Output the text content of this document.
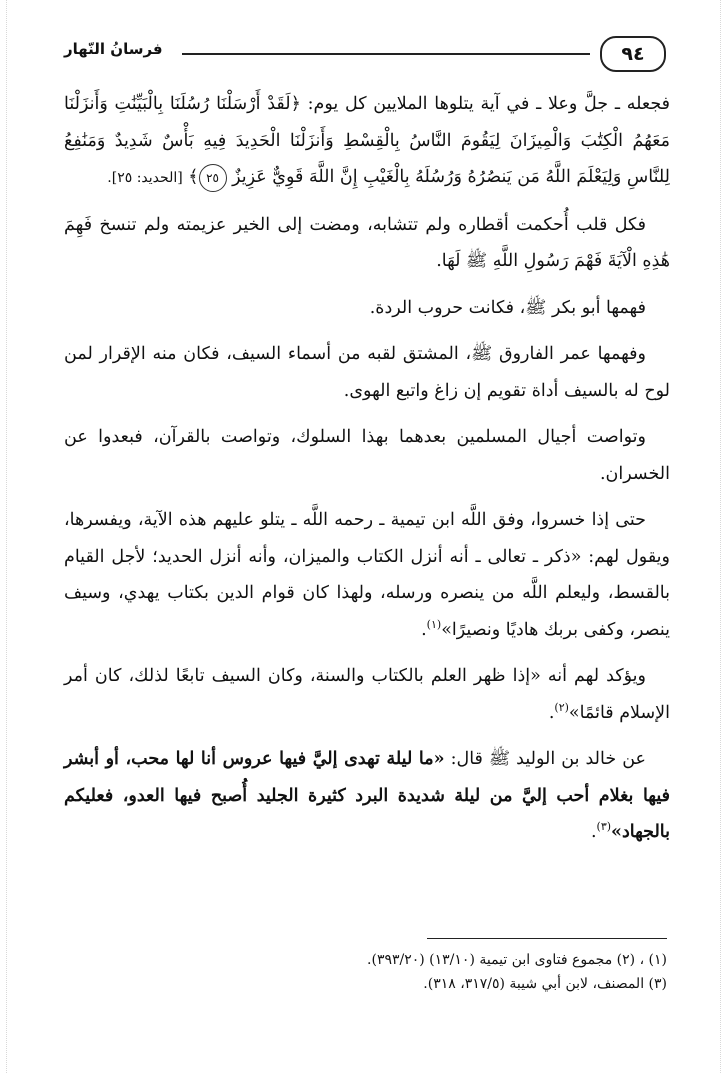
٩٤
فرسانُ النّهار

فجعله ـ جلَّ وعلا ـ في آية يتلوها الملايين كل يوم: ﴿لَقَدْ أَرْسَلْنَا رُسُلَنَا بِالْبَيِّنَٰتِ وَأَنزَلْنَا مَعَهُمُ الْكِتَٰبَ وَالْمِيزَانَ لِيَقُومَ النَّاسُ بِالْقِسْطِ وَأَنزَلْنَا الْحَدِيدَ فِيهِ بَأْسٌ شَدِيدٌ وَمَنَٰفِعُ لِلنَّاسِ وَلِيَعْلَمَ اللَّهُ مَن يَنصُرُهُ وَرُسُلَهُ بِالْغَيْبِ إِنَّ اللَّهَ قَوِيٌّ عَزِيزٌ ٢٥﴾ [الحديد: ٢٥].

فكل قلب أُحكمت أقطاره ولم تتشابه، ومضت إلى الخير عزيمته ولم تنسخ فَهِمَ هَٰذِهِ الْآيَةَ فَهْمَ رَسُولِ اللَّهِ ﷺ لَهَا.

فهمها أبو بكر ﷺ، فكانت حروب الردة.

وفهمها عمر الفاروق ﷺ، المشتق لقبه من أسماء السيف، فكان منه الإقرار لمن لوح له بالسيف أداة تقويم إن زاغ واتبع الهوى.

وتواصت أجيال المسلمين بعدهما بهذا السلوك، وتواصت بالقرآن، فبعدوا عن الخسران.

حتى إذا خسروا، وفق اللَّه ابن تيمية ـ رحمه اللَّه ـ يتلو عليهم هذه الآية، ويفسرها، ويقول لهم: «ذكر ـ تعالى ـ أنه أنزل الكتاب والميزان، وأنه أنزل الحديد؛ لأجل القيام بالقسط، وليعلم اللَّه من ينصره ورسله، ولهذا كان قوام الدين بكتاب يهدي، وسيف ينصر، وكفى بربك هاديًا ونصيرًا»$^{(١)}$.

ويؤكد لهم أنه «إذا ظهر العلم بالكتاب والسنة، وكان السيف تابعًا لذلك، كان أمر الإسلام قائمًا»$^{(٢)}$.

عن خالد بن الوليد ﷺ قال: «ما ليلة تهدى إليَّ فيها عروس أنا لها محب، أو أبشر فيها بغلام أحب إليَّ من ليلة شديدة البرد كثيرة الجليد أُصبح فيها العدو، فعليكم بالجهاد»$^{(٣)}$.

(١) ، (٢) مجموع فتاوى ابن تيمية (١٣/١٠) (٣٩٣/٢٠).
(٣) المصنف، لابن أبي شيبة (٣١٧/٥، ٣١٨).
